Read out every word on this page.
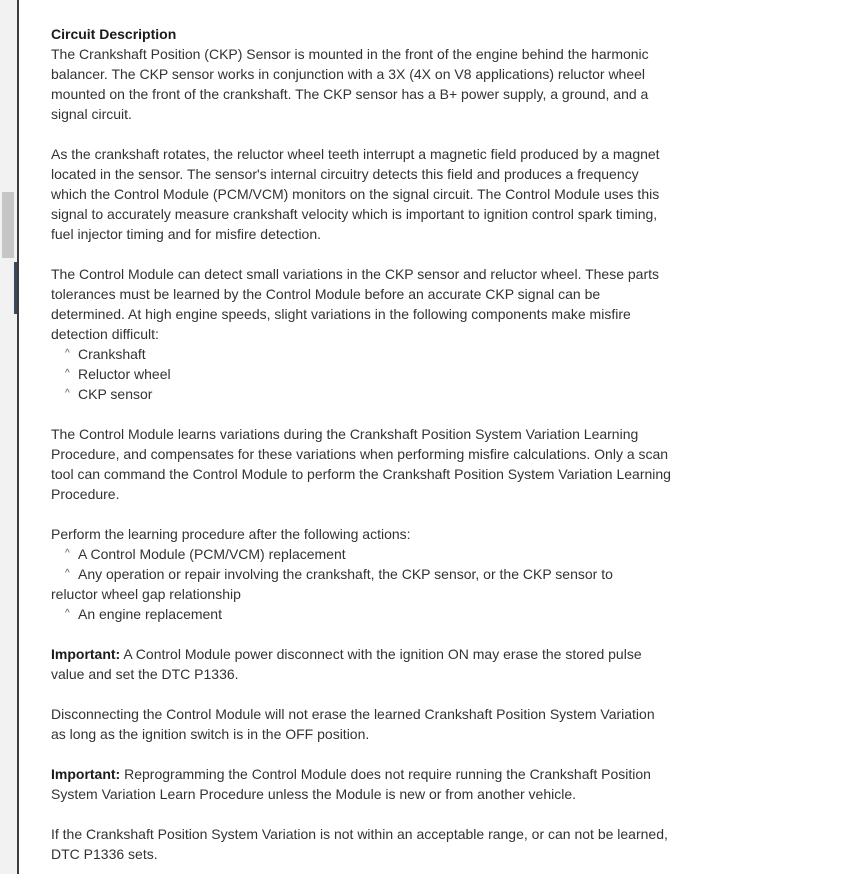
Circuit Description

The Crankshaft Position (CKP) Sensor is mounted in the front of the engine behind the harmonic balancer. The CKP sensor works in conjunction with a 3X (4X on V8 applications) reluctor wheel mounted on the front of the crankshaft. The CKP sensor has a B+ power supply, a ground, and a signal circuit.

As the crankshaft rotates, the reluctor wheel teeth interrupt a magnetic field produced by a magnet located in the sensor. The sensor's internal circuitry detects this field and produces a frequency which the Control Module (PCM/VCM) monitors on the signal circuit. The Control Module uses this signal to accurately measure crankshaft velocity which is important to ignition control spark timing, fuel injector timing and for misfire detection.

The Control Module can detect small variations in the CKP sensor and reluctor wheel. These parts tolerances must be learned by the Control Module before an accurate CKP signal can be determined. At high engine speeds, slight variations in the following components make misfire detection difficult:

^ Crankshaft
^ Reluctor wheel
^ CKP sensor

The Control Module learns variations during the Crankshaft Position System Variation Learning Procedure, and compensates for these variations when performing misfire calculations. Only a scan tool can command the Control Module to perform the Crankshaft Position System Variation Learning Procedure.

Perform the learning procedure after the following actions:

^ A Control Module (PCM/VCM) replacement
^ Any operation or repair involving the crankshaft, the CKP sensor, or the CKP sensor to
reluctor wheel gap relationship
^ An engine replacement

Important: A Control Module power disconnect with the ignition ON may erase the stored pulse value and set the DTC P1336.

Disconnecting the Control Module will not erase the learned Crankshaft Position System Variation as long as the ignition switch is in the OFF position.

Important: Reprogramming the Control Module does not require running the Crankshaft Position System Variation Learn Procedure unless the Module is new or from another vehicle.

If the Crankshaft Position System Variation is not within an acceptable range, or can not be learned, DTC P1336 sets.
